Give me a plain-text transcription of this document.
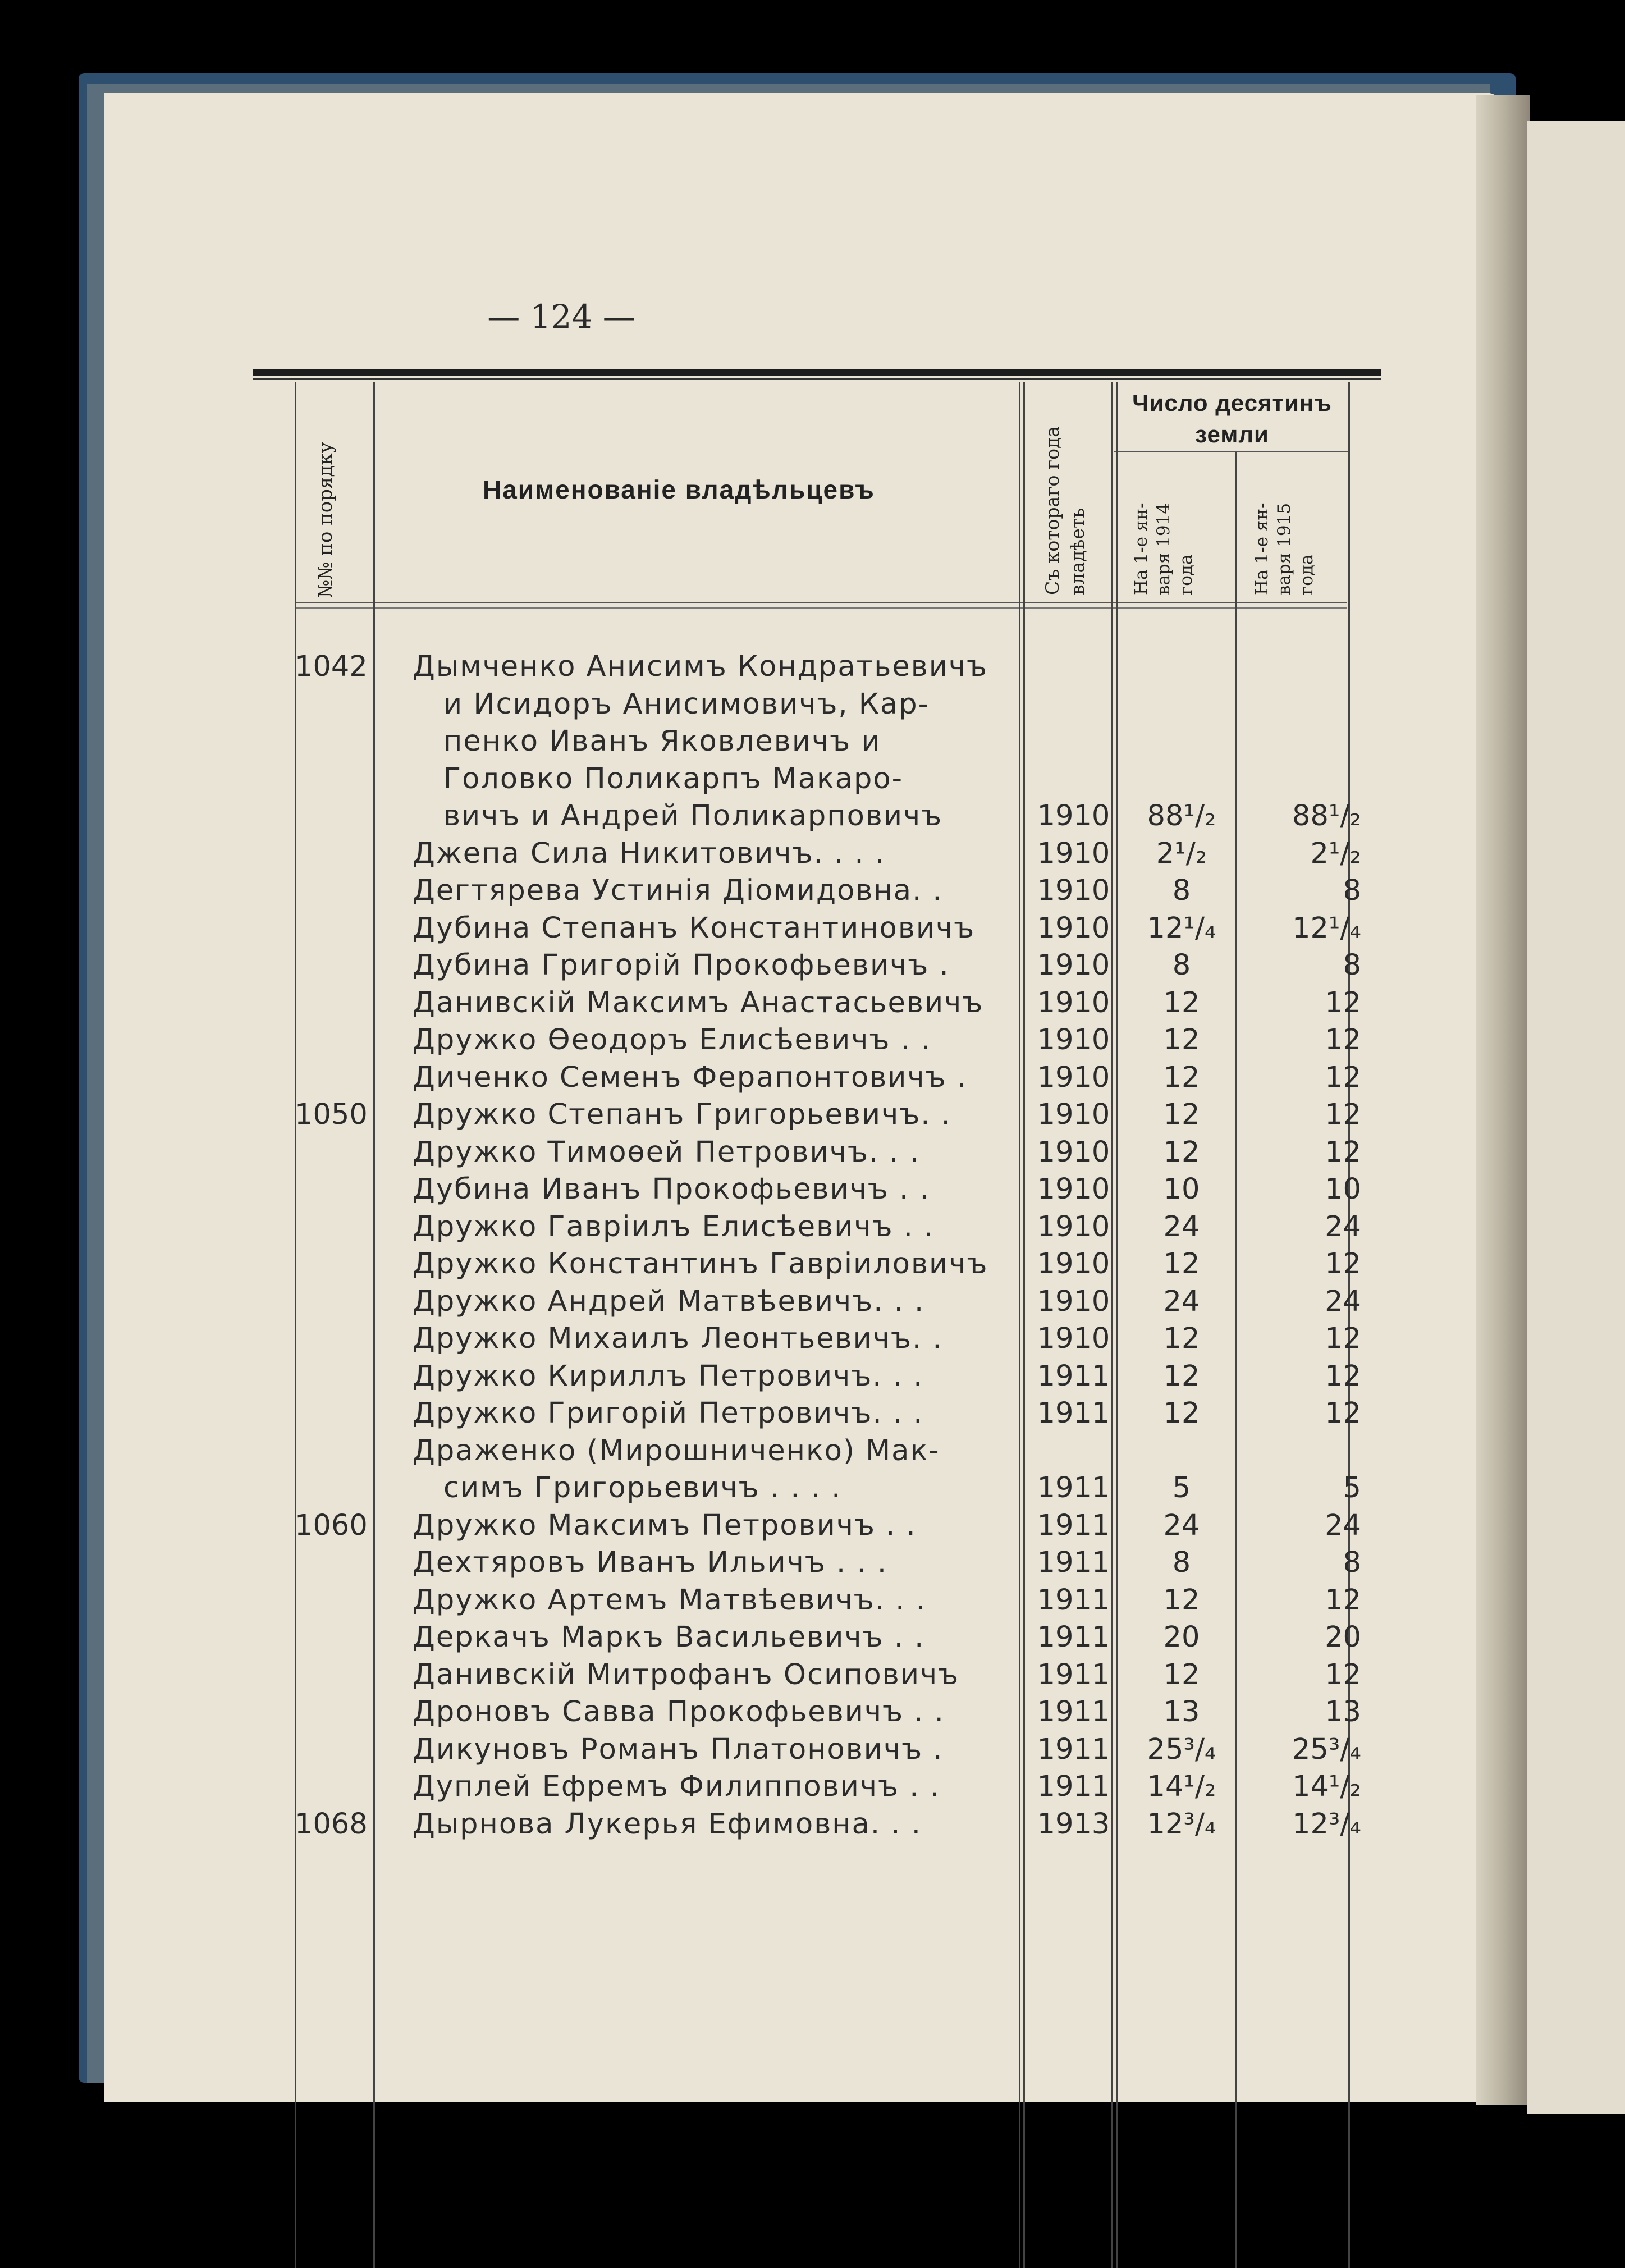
— 124 —
№№ по порядку	Наименованіе владѣльцевъ	Съ котораго года владѣеть
Число десятинъ
земли
На 1-е ян- варя 1914 года	На 1-е ян- варя 1915 года
1042 Дымченко Анисимъ Кондратьевичъ
и Исидоръ Анисимовичъ, Кар-
пенко Иванъ Яковлевичъ и
Головко Поликарпъ Макаро-
вичъ и Андрей Поликарповичъ	1910	88¹/₂	88¹/₂
Джепа Сила Никитовичъ. . . .	1910	2¹/₂	2¹/₂
Дегтярева Устинія Діомидовна. .	1910	8	8
Дубина Степанъ Константиновичъ 1910	12¹/₄	12¹/₄
Дубина Григорій Прокофьевичъ .	1910	8	8
Данивскій Максимъ Анастасьевичъ 1910	12	12
Дружко Ѳеодоръ Елисѣевичъ . .	1910	12	12
Диченко Семенъ Ферапонтовичъ . 1910	12	12
1050 Дружко Степанъ Григорьевичъ. .	1910	12	12
Дружко Тимоѳей Петровичъ. . .	1910	12	12
Дубина Иванъ Прокофьевичъ . .	1910	10	10
Дружко Гавріилъ Елисѣевичъ . .	1910	24	24
Дружко Константинъ Гавріиловичъ 1910	12	12
Дружко Андрей Матвѣевичъ. . .	1910	24	24
Дружко Михаилъ Леонтьевичъ. .	1910	12	12
Дружко Кириллъ Петровичъ. . .	1911	12	12
Дружко Григорій Петровичъ. . .	1911	12	12
Драженко (Мирошниченко) Мак-
симъ Григорьевичъ . . . .	1911	5	5
1060 Дружко Максимъ Петровичъ . .	1911	24	24
Дехтяровъ Иванъ Ильичъ . . .	1911	8	8
Дружко Артемъ Матвѣевичъ. . .	1911	12	12
Деркачъ Маркъ Васильевичъ . .	1911	20	20
Данивскій Митрофанъ Осиповичъ	1911	12	12
Дроновъ Савва Прокофьевичъ . .	1911	13	13
Дикуновъ Романъ Платоновичъ .	1911	25³/₄	25³/₄
Дуплей Ефремъ Филипповичъ . .	1911	14¹/₂	14¹/₂
1068 Дырнова Лукерья Ефимовна. . .	1913	12³/₄	12³/₄
